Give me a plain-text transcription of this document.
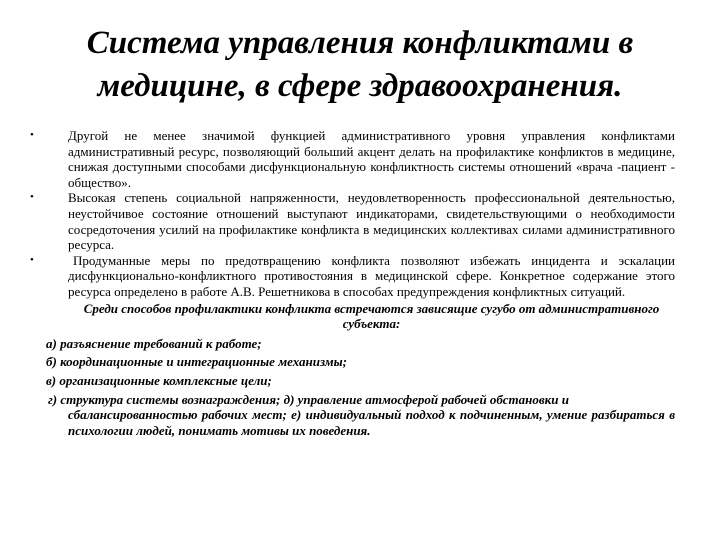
Система управления конфликтами в медицине, в сфере здравоохранения.
•	Другой не менее значимой функцией административного уровня управления конфликтами административный ресурс, позволяющий больший акцент делать на профилактике конфликтов в медицине, снижая доступными способами дисфункциональную конфликтность системы отношений «врача -пациент - общество».
•	Высокая степень социальной напряженности, неудовлетворенность профессиональной деятельностью, неустойчивое состояние отношений выступают индикаторами, свидетельствующими о необходимости сосредоточения усилий на профилактике конфликта в медицинских коллективах силами административного ресурса.
•	Продуманные меры по предотвращению конфликта позволяют избежать инцидента и эскалации дисфункционально-конфликтного противостояния в медицинской сфере. Конкретное содержание этого ресурса определено в работе А.В. Решетникова в способах предупреждения конфликтных ситуаций.
Среди способов профилактики конфликта встречаются зависящие сугубо от административного субъекта:
а) разъяснение требований к работе;
б) координационные и интеграционные механизмы;
в) организационные комплексные цели;
г) структура системы вознаграждения; д) управление атмосферой рабочей обстановки и
сбалансированностью рабочих мест; е) индивидуальный подход к подчиненным, умение разбираться в психологии людей, понимать мотивы их поведения.
